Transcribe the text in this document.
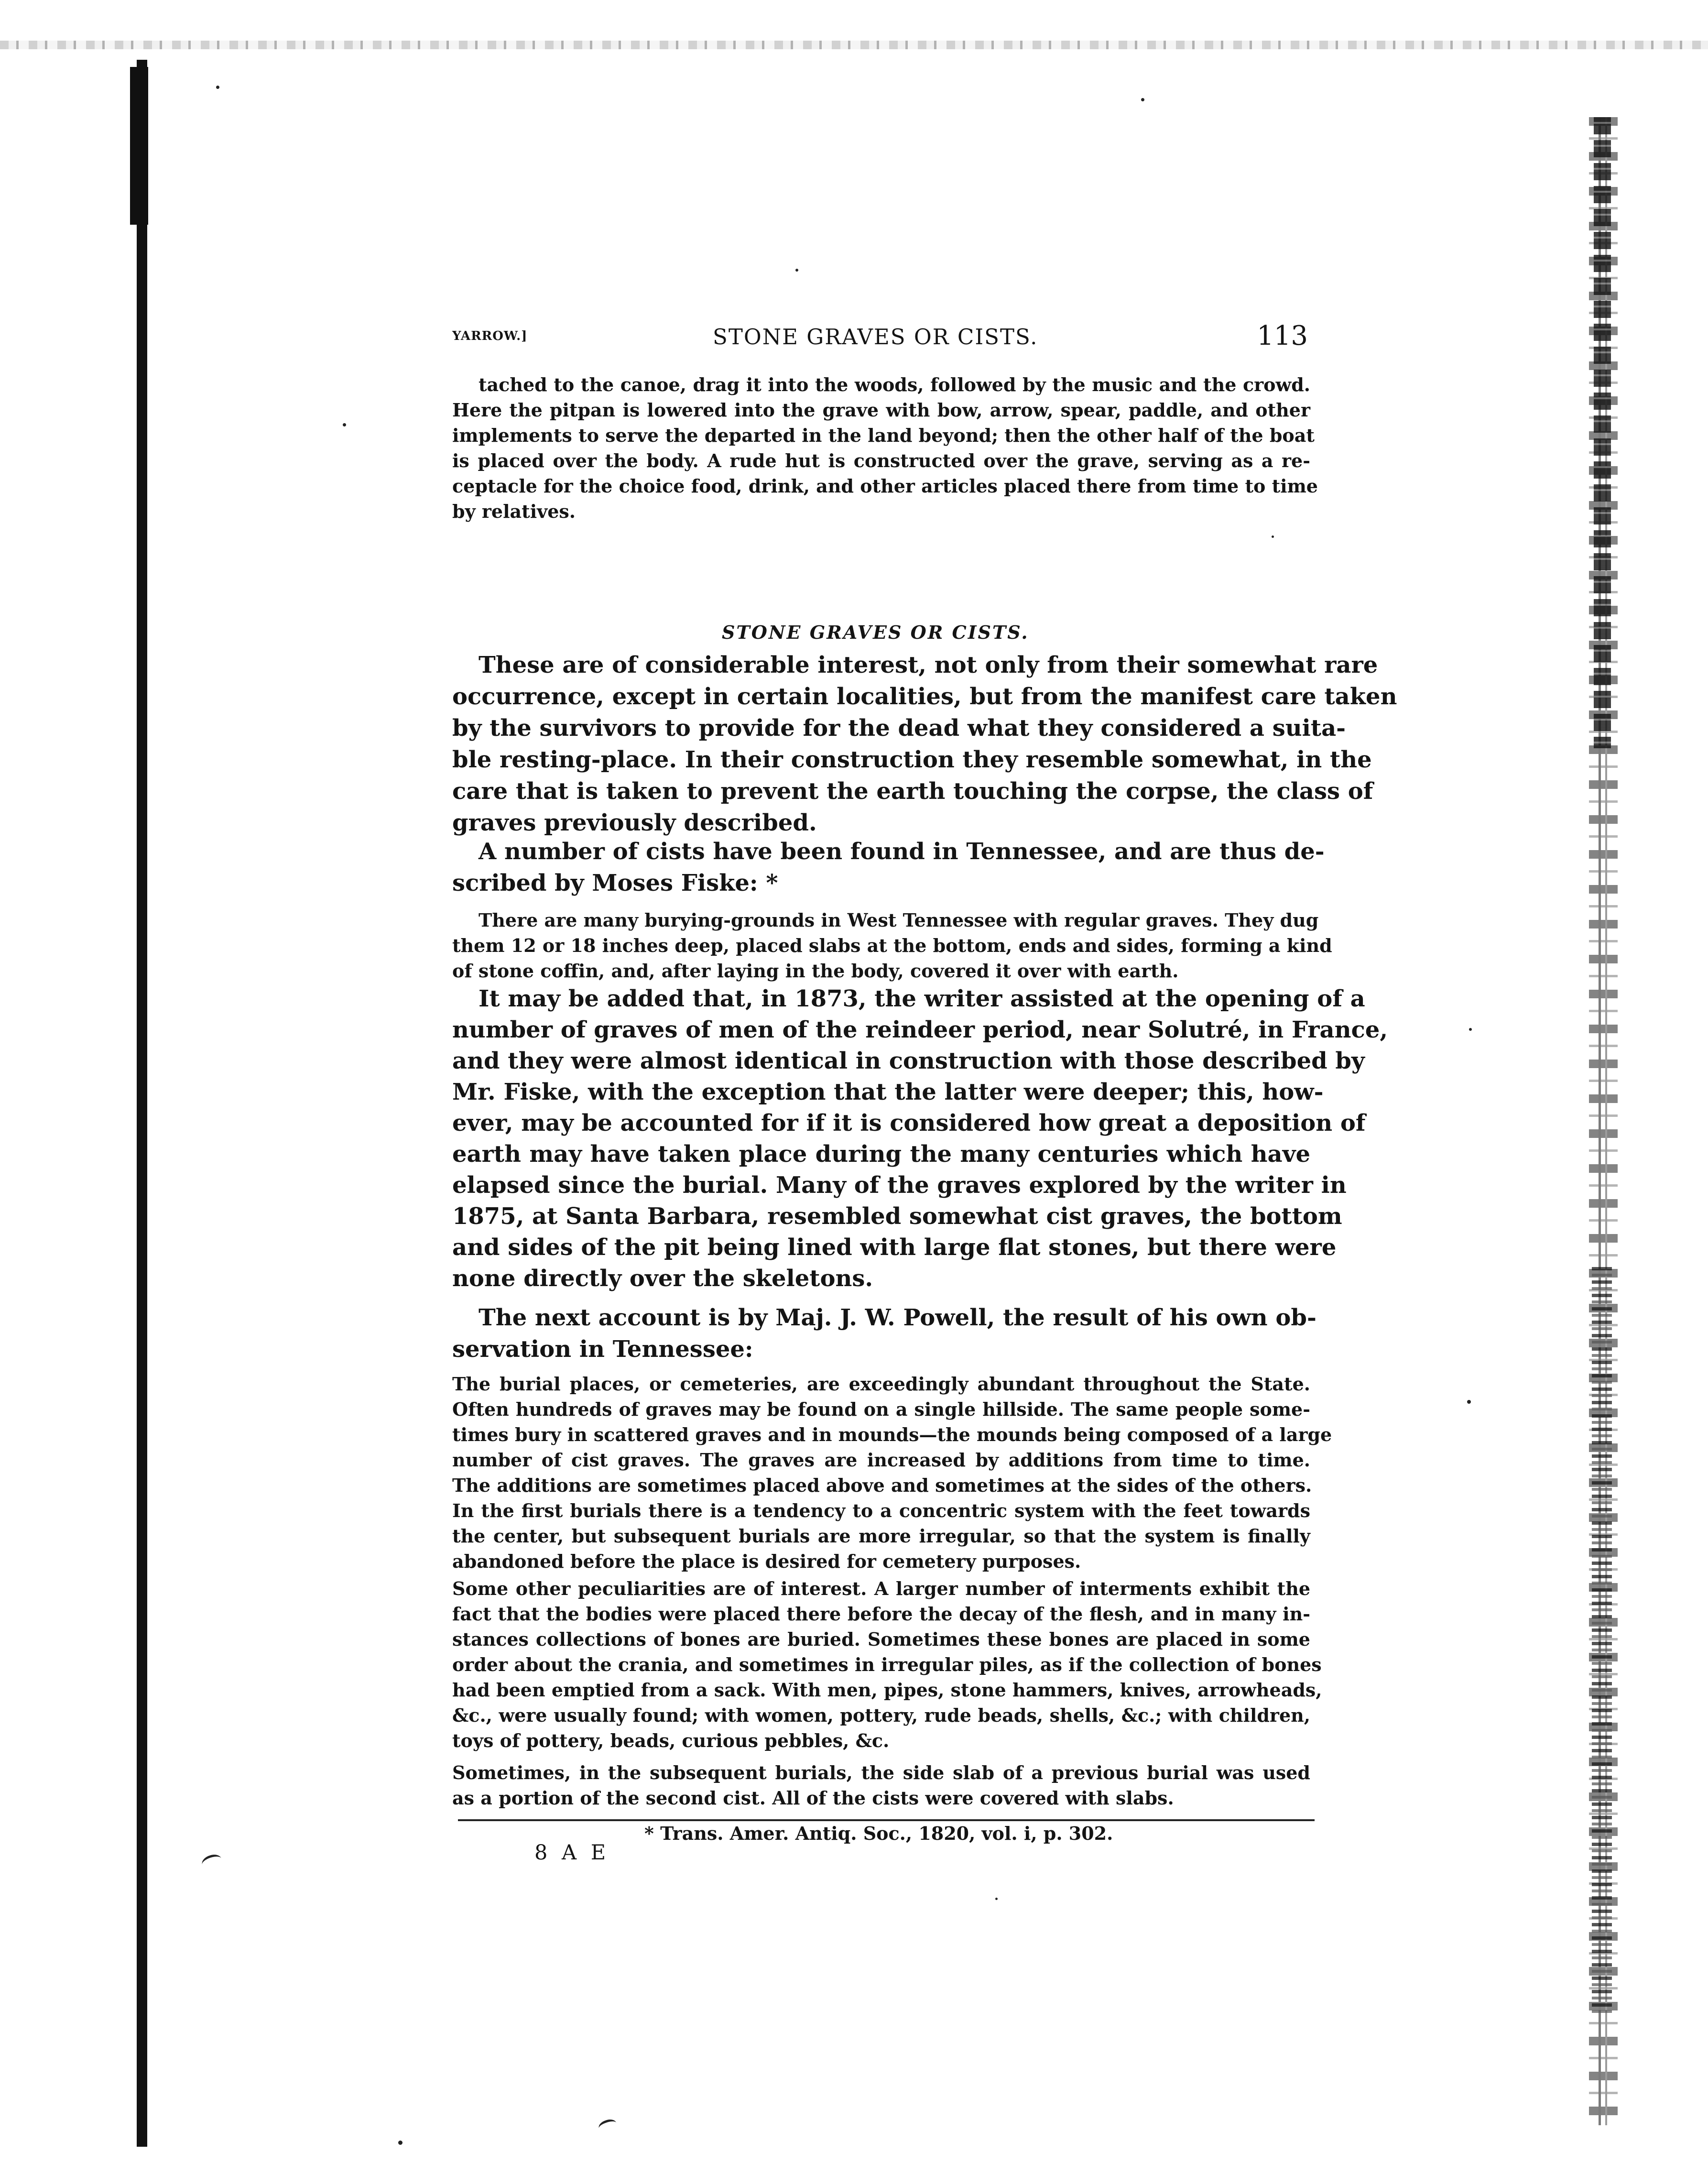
YARROW.]	STONE GRAVES OR CISTS.	113
tached to the canoe, drag it into the woods, followed by the music and the crowd.
Here the pitpan is lowered into the grave with bow, arrow, spear, paddle, and other
implements to serve the departed in the land beyond; then the other half of the boat
is placed over the body. A rude hut is constructed over the grave, serving as a re-
ceptacle for the choice food, drink, and other articles placed there from time to time
by relatives.
STONE GRAVES OR CISTS.
These are of considerable interest, not only from their somewhat rare
occurrence, except in certain localities, but from the manifest care taken
by the survivors to provide for the dead what they considered a suita-
ble resting-place. In their construction they resemble somewhat, in the
care that is taken to prevent the earth touching the corpse, the class of
graves previously described.
A number of cists have been found in Tennessee, and are thus de-
scribed by Moses Fiske: *
There are many burying-grounds in West Tennessee with regular graves. They dug
them 12 or 18 inches deep, placed slabs at the bottom, ends and sides, forming a kind
of stone coffin, and, after laying in the body, covered it over with earth.
It may be added that, in 1873, the writer assisted at the opening of a
number of graves of men of the reindeer period, near Solutré, in France,
and they were almost identical in construction with those described by
Mr. Fiske, with the exception that the latter were deeper; this, how-
ever, may be accounted for if it is considered how great a deposition of
earth may have taken place during the many centuries which have
elapsed since the burial. Many of the graves explored by the writer in
1875, at Santa Barbara, resembled somewhat cist graves, the bottom
and sides of the pit being lined with large flat stones, but there were
none directly over the skeletons.
The next account is by Maj. J. W. Powell, the result of his own ob-
servation in Tennessee:
The burial places, or cemeteries, are exceedingly abundant throughout the State.
Often hundreds of graves may be found on a single hillside. The same people some-
times bury in scattered graves and in mounds—the mounds being composed of a large
number of cist graves. The graves are increased by additions from time to time.
The additions are sometimes placed above and sometimes at the sides of the others.
In the first burials there is a tendency to a concentric system with the feet towards
the center, but subsequent burials are more irregular, so that the system is finally
abandoned before the place is desired for cemetery purposes.
Some other peculiarities are of interest. A larger number of interments exhibit the
fact that the bodies were placed there before the decay of the flesh, and in many in-
stances collections of bones are buried. Sometimes these bones are placed in some
order about the crania, and sometimes in irregular piles, as if the collection of bones
had been emptied from a sack. With men, pipes, stone hammers, knives, arrowheads,
&c., were usually found; with women, pottery, rude beads, shells, &c.; with children,
toys of pottery, beads, curious pebbles, &c.
Sometimes, in the subsequent burials, the side slab of a previous burial was used
as a portion of the second cist. All of the cists were covered with slabs.
* Trans. Amer. Antiq. Soc., 1820, vol. i, p. 302.
8 A E
